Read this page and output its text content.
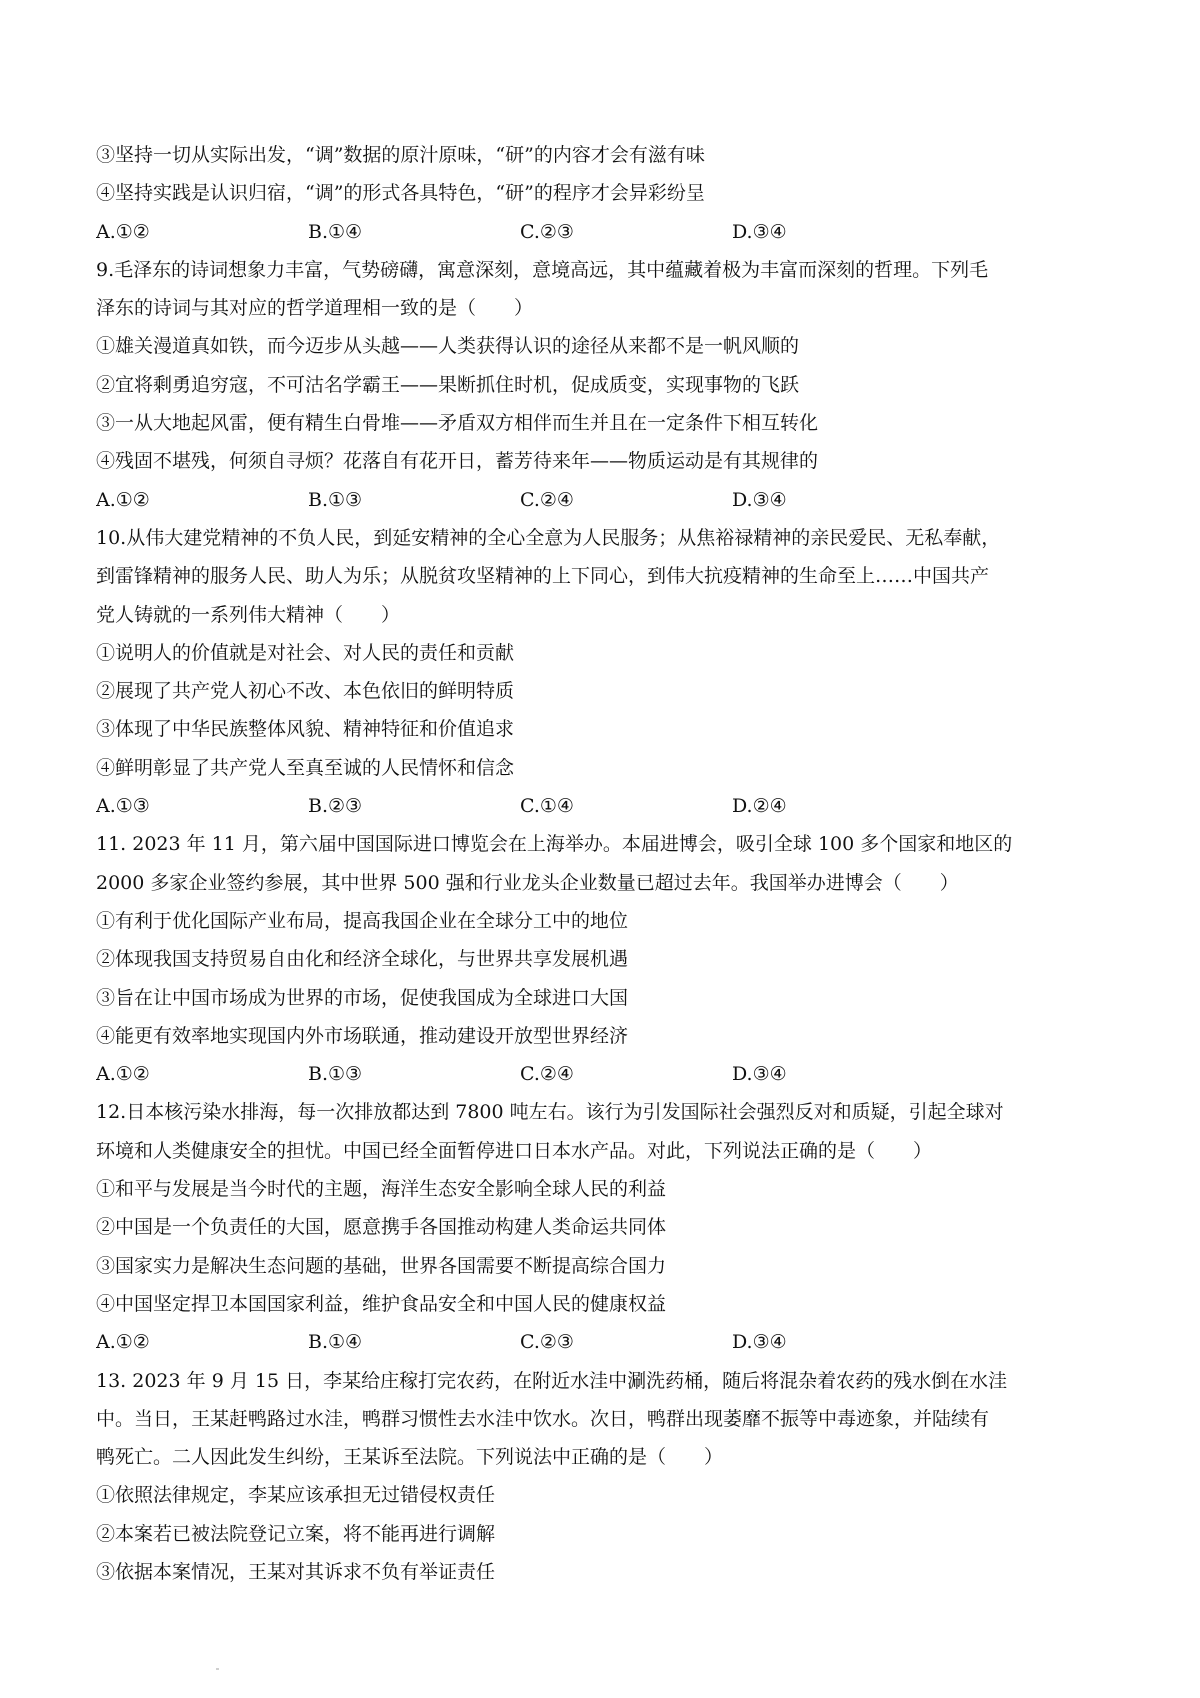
③坚持一切从实际出发，“调”数据的原汁原味，“研”的内容才会有滋有味
④坚持实践是认识归宿，“调”的形式各具特色，“研”的程序才会异彩纷呈
A.①②	B.①④	C.②③	D.③④
9.毛泽东的诗词想象力丰富，气势磅礴，寓意深刻，意境高远，其中蕴藏着极为丰富而深刻的哲理。下列毛
泽东的诗词与其对应的哲学道理相一致的是（　　）
①雄关漫道真如铁，而今迈步从头越——人类获得认识的途径从来都不是一帆风顺的
②宜将剩勇追穷寇，不可沽名学霸王——果断抓住时机，促成质变，实现事物的飞跃
③一从大地起风雷，便有精生白骨堆——矛盾双方相伴而生并且在一定条件下相互转化
④残固不堪残，何须自寻烦？花落自有花开日，蓄芳待来年——物质运动是有其规律的
A.①②	B.①③	C.②④	D.③④
10.从伟大建党精神的不负人民，到延安精神的全心全意为人民服务；从焦裕禄精神的亲民爱民、无私奉献，
到雷锋精神的服务人民、助人为乐；从脱贫攻坚精神的上下同心，到伟大抗疫精神的生命至上……中国共产
党人铸就的一系列伟大精神（　　）
①说明人的价值就是对社会、对人民的责任和贡献
②展现了共产党人初心不改、本色依旧的鲜明特质
③体现了中华民族整体风貌、精神特征和价值追求
④鲜明彰显了共产党人至真至诚的人民情怀和信念
A.①③	B.②③	C.①④	D.②④
11. 2023 年 11 月，第六届中国国际进口博览会在上海举办。本届进博会，吸引全球 100 多个国家和地区的
2000 多家企业签约参展，其中世界 500 强和行业龙头企业数量已超过去年。我国举办进博会（　　）
①有利于优化国际产业布局，提高我国企业在全球分工中的地位
②体现我国支持贸易自由化和经济全球化，与世界共享发展机遇
③旨在让中国市场成为世界的市场，促使我国成为全球进口大国
④能更有效率地实现国内外市场联通，推动建设开放型世界经济
A.①②	B.①③	C.②④	D.③④
12.日本核污染水排海，每一次排放都达到 7800 吨左右。该行为引发国际社会强烈反对和质疑，引起全球对
环境和人类健康安全的担忧。中国已经全面暂停进口日本水产品。对此，下列说法正确的是（　　）
①和平与发展是当今时代的主题，海洋生态安全影响全球人民的利益
②中国是一个负责任的大国，愿意携手各国推动构建人类命运共同体
③国家实力是解决生态问题的基础，世界各国需要不断提高综合国力
④中国坚定捍卫本国国家利益，维护食品安全和中国人民的健康权益
A.①②	B.①④	C.②③	D.③④
13. 2023 年 9 月 15 日，李某给庄稼打完农药，在附近水洼中涮洗药桶，随后将混杂着农药的残水倒在水洼
中。当日，王某赶鸭路过水洼，鸭群习惯性去水洼中饮水。次日，鸭群出现萎靡不振等中毒迹象，并陆续有
鸭死亡。二人因此发生纠纷，王某诉至法院。下列说法中正确的是（　　）
①依照法律规定，李某应该承担无过错侵权责任
②本案若已被法院登记立案，将不能再进行调解
③依据本案情况，王某对其诉求不负有举证责任
